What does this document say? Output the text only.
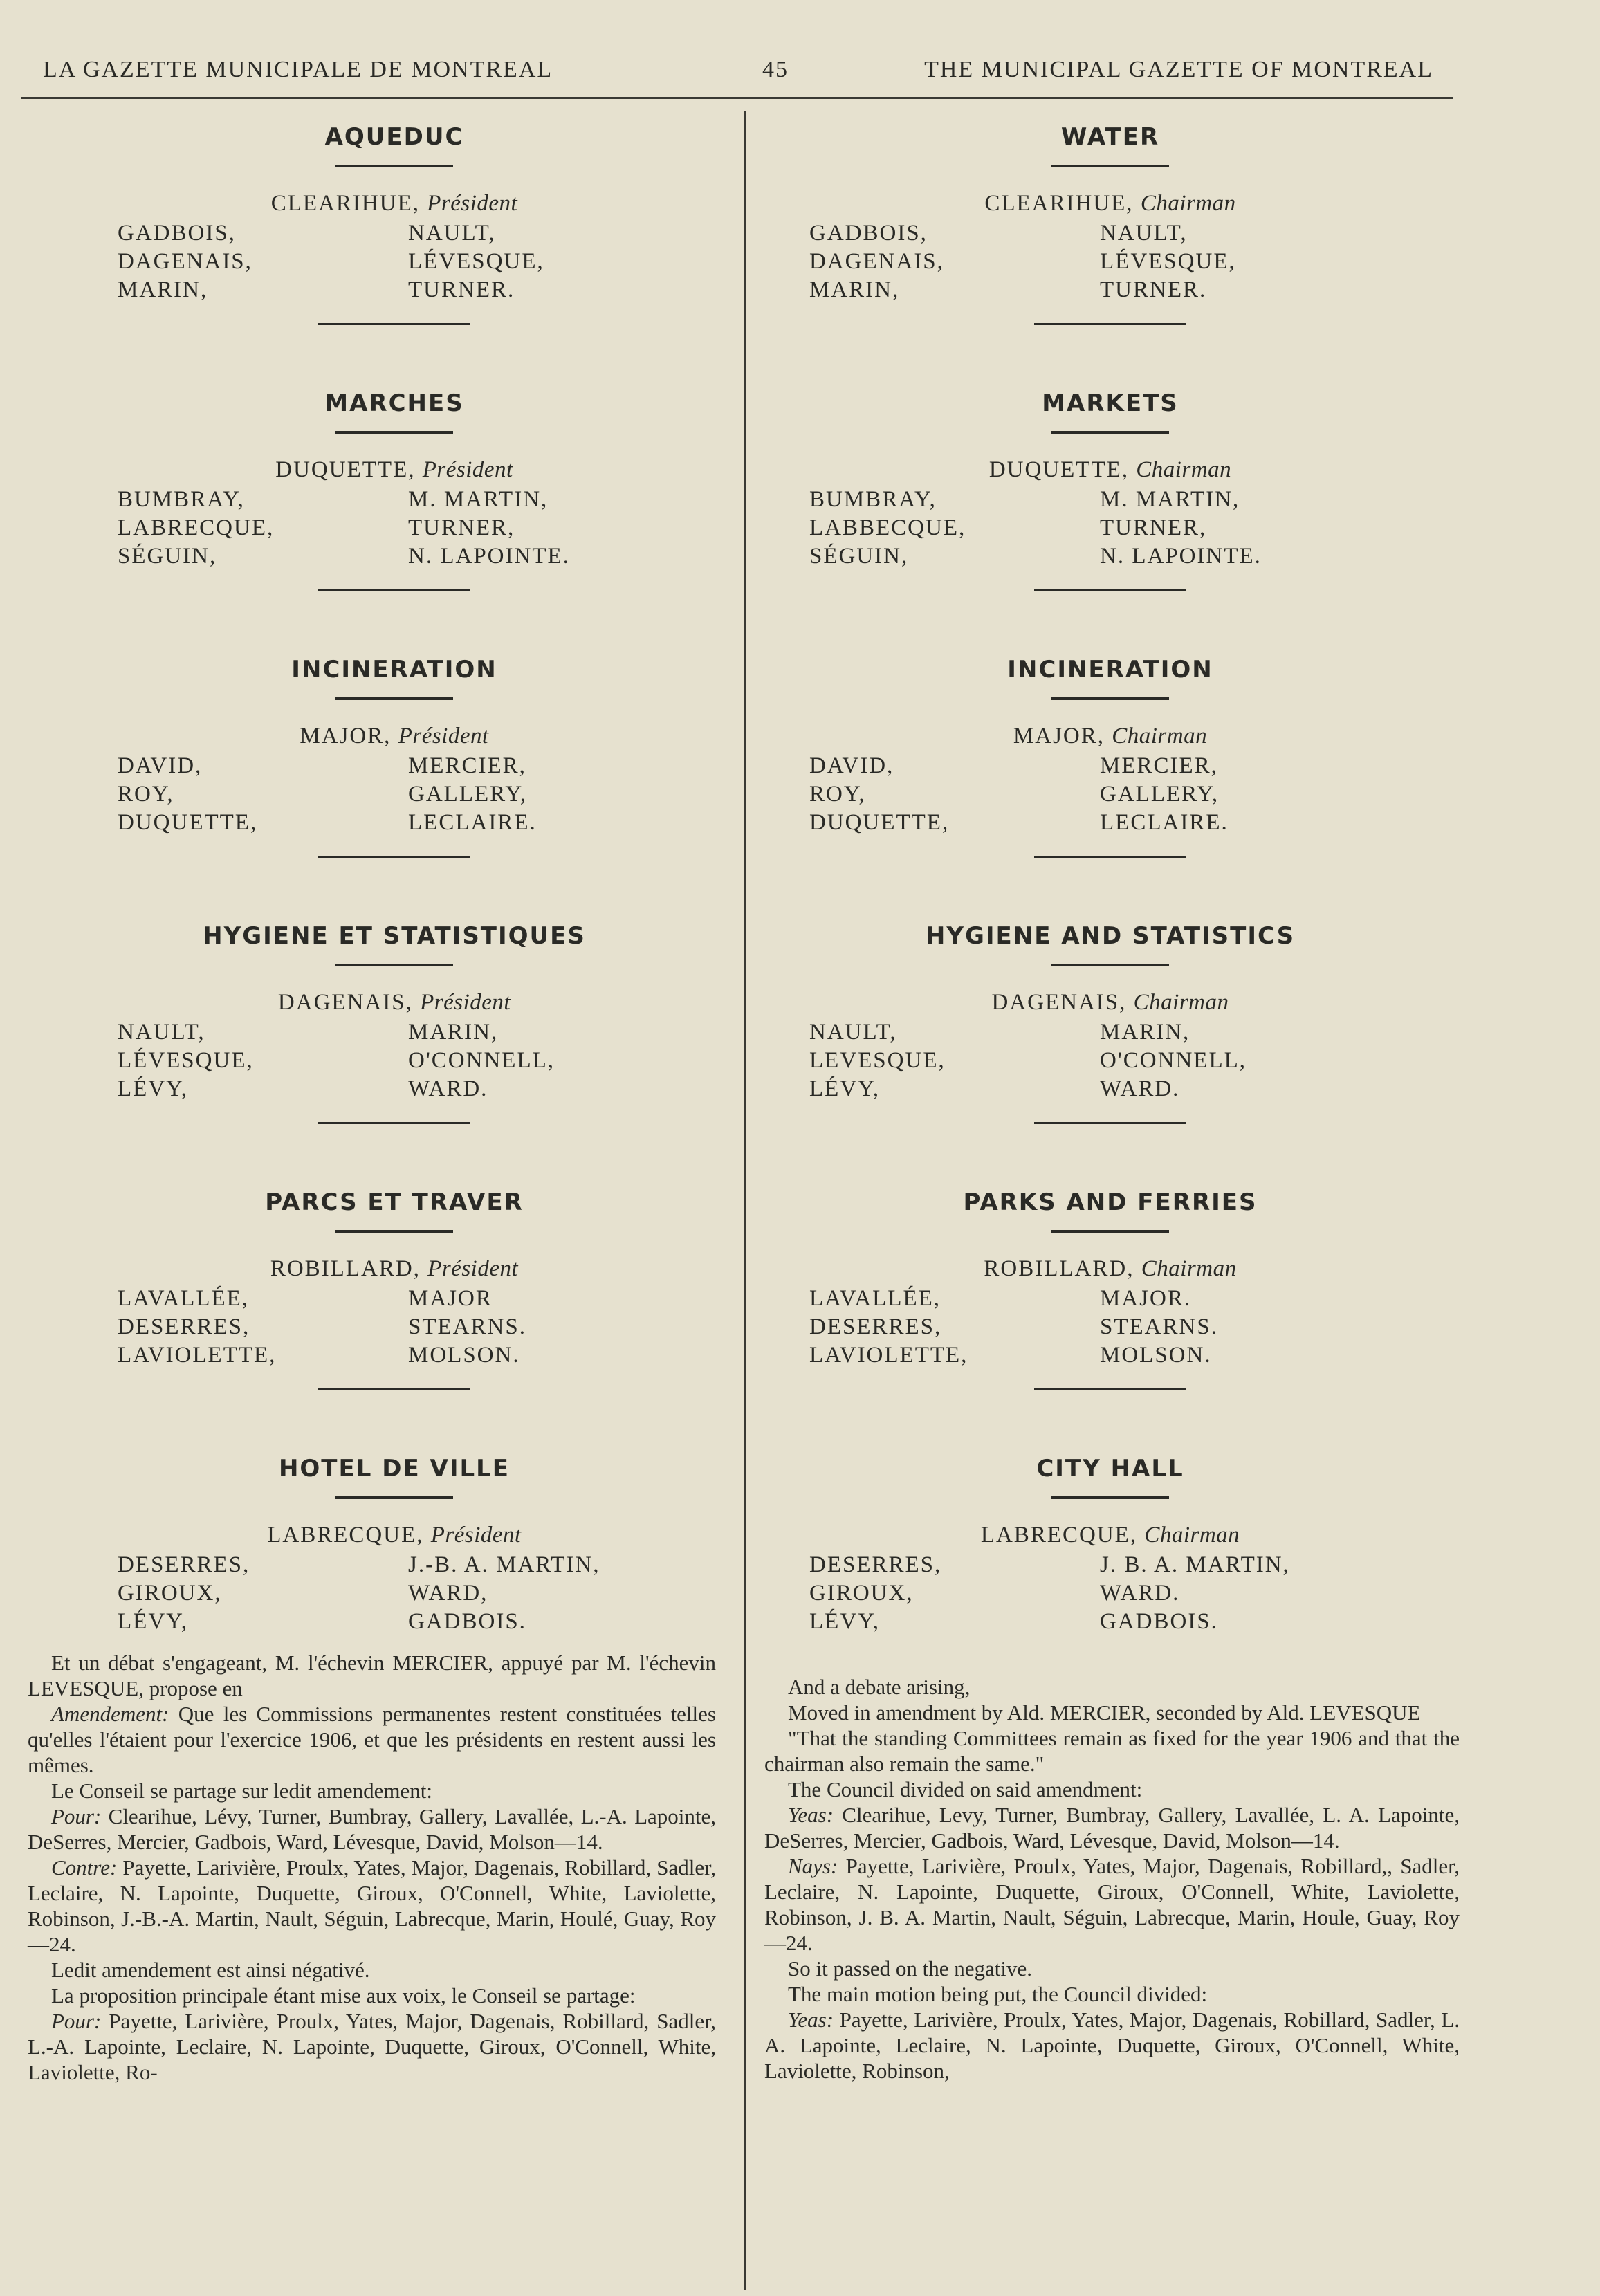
LA GAZETTE MUNICIPALE DE MONTREAL	45	THE MUNICIPAL GAZETTE OF MONTREAL
AQUEDUC
CLEARIHUE, Président
GADBOIS,
DAGENAIS,
MARIN,
NAULT,
LÉVESQUE,
TURNER.
MARCHES
DUQUETTE, Président
BUMBRAY,
LABRECQUE,
SÉGUIN,
M. MARTIN,
TURNER,
N. LAPOINTE.
INCINERATION
MAJOR, Président
DAVID,
ROY,
DUQUETTE,
MERCIER,
GALLERY,
LECLAIRE.
HYGIENE ET STATISTIQUES
DAGENAIS, Président
NAULT,
LÉVESQUE,
LÉVY,
MARIN,
O'CONNELL,
WARD.
PARCS ET TRAVER
ROBILLARD, Président
LAVALLÉE,
DESERRES,
LAVIOLETTE,
MAJOR
STEARNS.
MOLSON.
HOTEL DE VILLE
LABRECQUE, Président
DESERRES,
GIROUX,
LÉVY,
J.-B. A. MARTIN,
WARD,
GADBOIS.
WATER
CLEARIHUE, Chairman
GADBOIS,
DAGENAIS,
MARIN,
NAULT,
LÉVESQUE,
TURNER.
MARKETS
DUQUETTE, Chairman
BUMBRAY,
LABBECQUE,
SÉGUIN,
M. MARTIN,
TURNER,
N. LAPOINTE.
INCINERATION
MAJOR, Chairman
DAVID,
ROY,
DUQUETTE,
MERCIER,
GALLERY,
LECLAIRE.
HYGIENE AND STATISTICS
DAGENAIS, Chairman
NAULT,
LEVESQUE,
LÉVY,
MARIN,
O'CONNELL,
WARD.
PARKS AND FERRIES
ROBILLARD, Chairman
LAVALLÉE,
DESERRES,
LAVIOLETTE,
MAJOR.
STEARNS.
MOLSON.
CITY HALL
LABRECQUE, Chairman
DESERRES,
GIROUX,
LÉVY,
J. B. A. MARTIN,
WARD.
GADBOIS.

Et un débat s'engageant, M. l'échevin MERCIER, appuyé par M. l'échevin LEVESQUE, propose en

Amendement: Que les Commissions permanentes restent constituées telles qu'elles l'étaient pour l'exercice 1906, et que les présidents en restent aussi les mêmes.

Le Conseil se partage sur ledit amendement:

Pour: Clearihue, Lévy, Turner, Bumbray, Gallery, Lavallée, L.-A. Lapointe, DeSerres, Mercier, Gadbois, Ward, Lévesque, David, Molson—14.

Contre: Payette, Larivière, Proulx, Yates, Major, Dagenais, Robillard, Sadler, Leclaire, N. Lapointe, Duquette, Giroux, O'Connell, White, Laviolette, Robinson, J.-B.-A. Martin, Nault, Séguin, Labrecque, Marin, Houlé, Guay, Roy —24.

Ledit amendement est ainsi négativé.

La proposition principale étant mise aux voix, le Conseil se partage:

Pour: Payette, Larivière, Proulx, Yates, Major, Dagenais, Robillard, Sadler, L.-A. Lapointe, Leclaire, N. Lapointe, Duquette, Giroux, O'Connell, White, Laviolette, Ro-

And a debate arising,

Moved in amendment by Ald. MERCIER, seconded by Ald. LEVESQUE

"That the standing Committees remain as fixed for the year 1906 and that the chairman also remain the same."

The Council divided on said amendment:

Yeas: Clearihue, Levy, Turner, Bumbray, Gallery, Lavallée, L. A. Lapointe, DeSerres, Mercier, Gadbois, Ward, Lévesque, David, Molson—14.

Nays: Payette, Larivière, Proulx, Yates, Major, Dagenais, Robillard,, Sadler, Leclaire, N. Lapointe, Duquette, Giroux, O'Connell, White, Laviolette, Robinson, J. B. A. Martin, Nault, Séguin, Labrecque, Marin, Houle, Guay, Roy—24.

So it passed on the negative.

The main motion being put, the Council divided:

Yeas: Payette, Larivière, Proulx, Yates, Major, Dagenais, Robillard, Sadler, L. A. Lapointe, Leclaire, N. Lapointe, Duquette, Giroux, O'Connell, White, Laviolette, Robinson,
